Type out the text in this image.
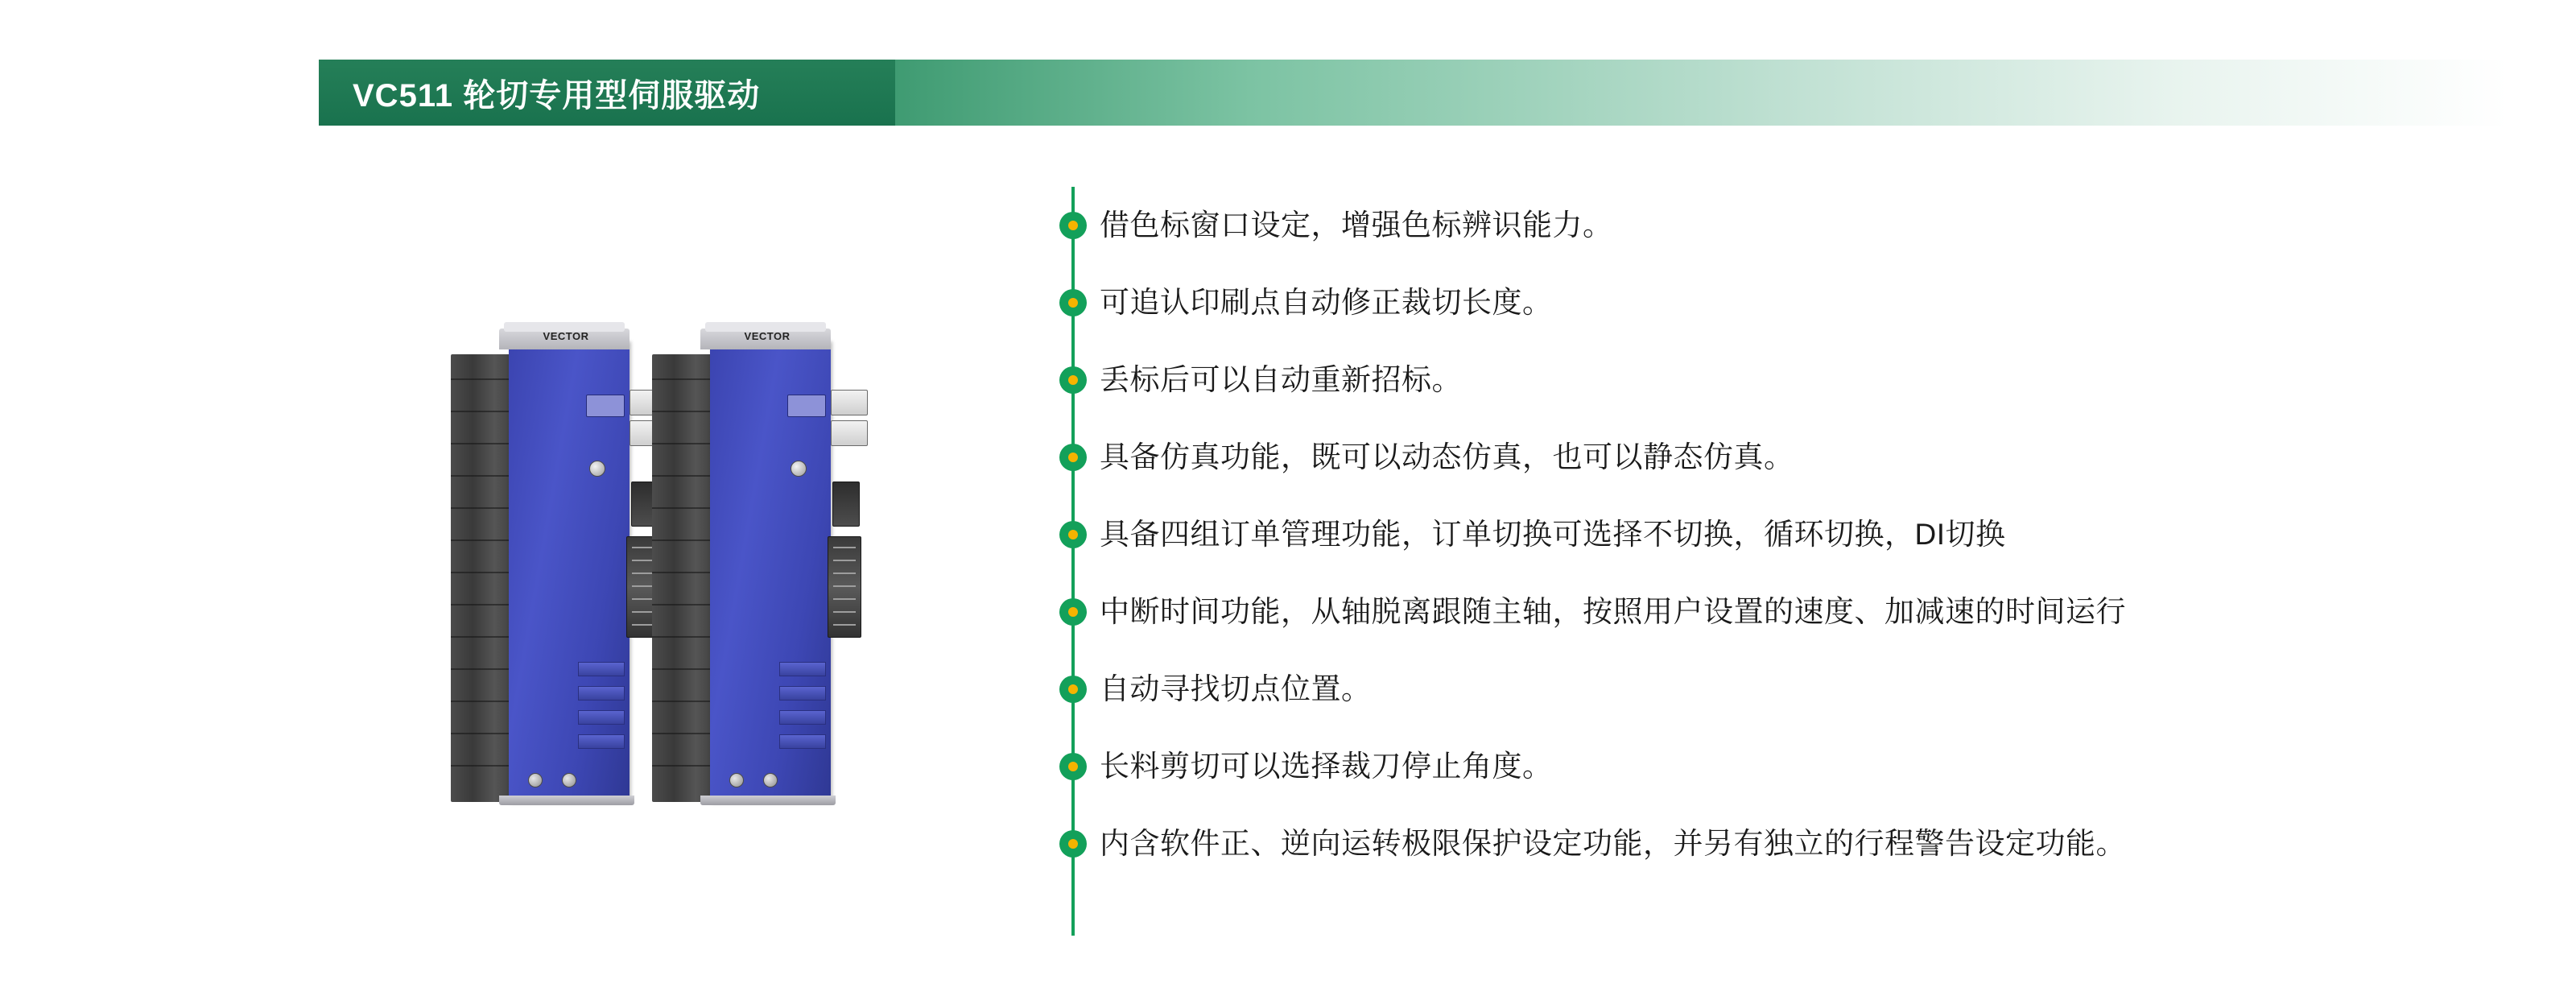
VC511 轮切专用型伺服驱动
VECTOR	VECTOR
借色标窗口设定，增强色标辨识能力。
可追认印刷点自动修正裁切长度。
丢标后可以自动重新招标。
具备仿真功能，既可以动态仿真，也可以静态仿真。
具备四组订单管理功能，订单切换可选择不切换，循环切换，DI切换
中断时间功能，从轴脱离跟随主轴，按照用户设置的速度、加减速的时间运行
自动寻找切点位置。
长料剪切可以选择裁刀停止角度。
内含软件正、逆向运转极限保护设定功能，并另有独立的行程警告设定功能。
